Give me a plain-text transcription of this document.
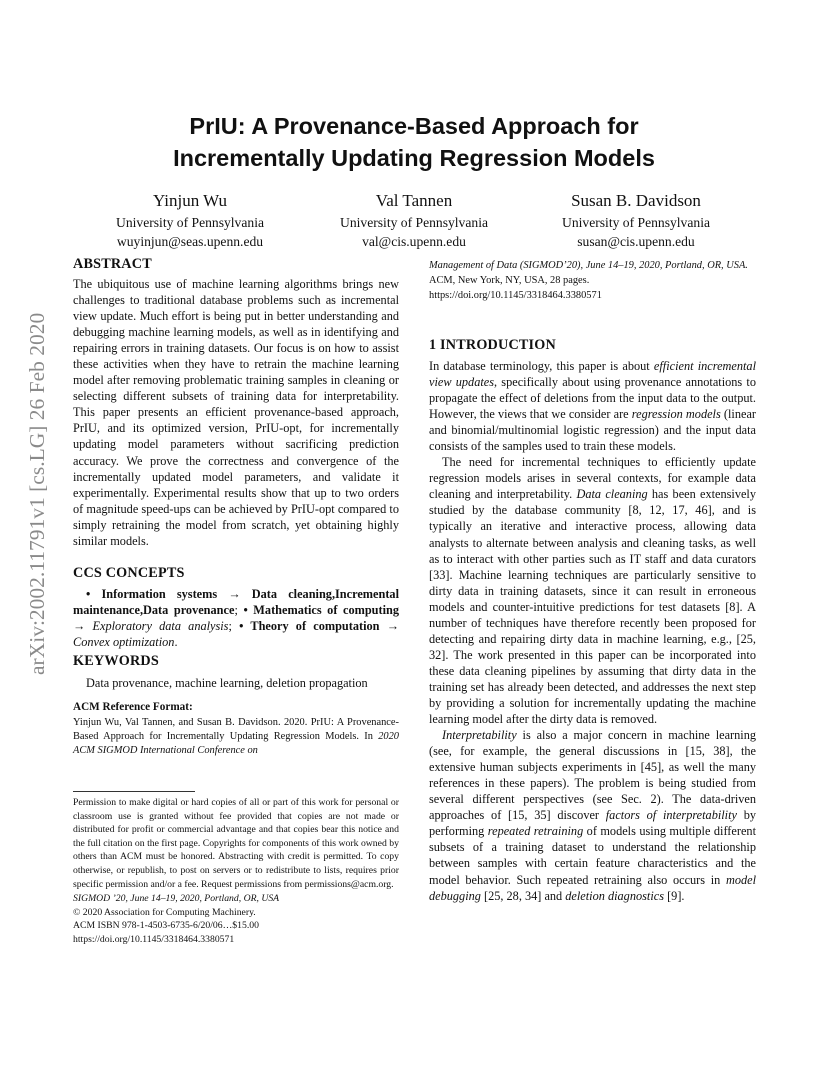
PrIU: A Provenance-Based Approach for
Incrementally Updating Regression Models
Yinjun Wu
University of Pennsylvania
wuyinjun@seas.upenn.edu
Val Tannen
University of Pennsylvania
val@cis.upenn.edu
Susan B. Davidson
University of Pennsylvania
susan@cis.upenn.edu
arXiv:2002.11791v1 [cs.LG] 26 Feb 2020
ABSTRACT

The ubiquitous use of machine learning algorithms brings new challenges to traditional database problems such as incremental view update. Much effort is being put in better understanding and debugging machine learning models, as well as in identifying and repairing errors in training datasets. Our focus is on how to assist these activities when they have to retrain the machine learning model after removing problematic training samples in cleaning or selecting different subsets of training data for interpretability. This paper presents an efficient provenance-based approach, PrIU, and its optimized version, PrIU-opt, for incrementally updating model parameters without sacrificing prediction accuracy. We prove the correctness and convergence of the incrementally updated model parameters, and validate it experimentally. Experimental results show that up to two orders of magnitude speed-ups can be achieved by PrIU-opt compared to simply retraining the model from scratch, yet obtaining highly similar models.

CCS CONCEPTS

• Information systems → Data cleaning,Incremental maintenance,Data provenance; • Mathematics of computing → Exploratory data analysis; • Theory of computation → Convex optimization.

KEYWORDS

Data provenance, machine learning, deletion propagation

ACM Reference Format:

Yinjun Wu, Val Tannen, and Susan B. Davidson. 2020. PrIU: A Provenance-Based Approach for Incrementally Updating Regression Models. In 2020 ACM SIGMOD International Conference on

Permission to make digital or hard copies of all or part of this work for personal or classroom use is granted without fee provided that copies are not made or distributed for profit or commercial advantage and that copies bear this notice and the full citation on the first page. Copyrights for components of this work owned by others than ACM must be honored. Abstracting with credit is permitted. To copy otherwise, or republish, to post on servers or to redistribute to lists, requires prior specific permission and/or a fee. Request permissions from permissions@acm.org.

SIGMOD ’20, June 14–19, 2020, Portland, OR, USA

© 2020 Association for Computing Machinery.

ACM ISBN 978-1-4503-6735-6/20/06…$15.00

https://doi.org/10.1145/3318464.3380571

Management of Data (SIGMOD’20), June 14–19, 2020, Portland, OR, USA. ACM, New York, NY, USA, 28 pages. https://doi.org/10.1145/3318464.3380571
1 INTRODUCTION

In database terminology, this paper is about efficient incremental view updates, specifically about using provenance annotations to propagate the effect of deletions from the input data to the output. However, the views that we consider are regression models (linear and binomial/multinomial logistic regression) and the input data consists of the samples used to train these models.

The need for incremental techniques to efficiently update regression models arises in several contexts, for example data cleaning and interpretability. Data cleaning has been extensively studied by the database community [8, 12, 17, 46], and is typically an iterative and interactive process, allowing data analysts to alternate between analysis and cleaning tasks, as well as to interact with other parties such as IT staff and data curators [33]. Machine learning techniques are particularly sensitive to dirty data in training datasets, since it can result in erroneous models and counter-intuitive predictions for test datasets [8]. A number of techniques have therefore recently been proposed for detecting and repairing dirty data in machine learning, e.g., [25, 32]. The work presented in this paper can be incorporated into these data cleaning pipelines by assuming that dirty data in the training set has already been detected, and addresses the next step by providing a solution for incrementally updating the machine learning model after the dirty data is removed.

Interpretability is also a major concern in machine learning (see, for example, the general discussions in [15, 38], the extensive human subjects experiments in [45], as well the many references in these papers). The problem is being studied from several different perspectives (see Sec. 2). The data-driven approaches of [15, 35] discover factors of interpretability by performing repeated retraining of models using multiple different subsets of a training dataset to understand the relationship between samples with certain feature characteristics and the model behavior. Such repeated retraining also occurs in model debugging [25, 28, 34] and deletion diagnostics [9].
